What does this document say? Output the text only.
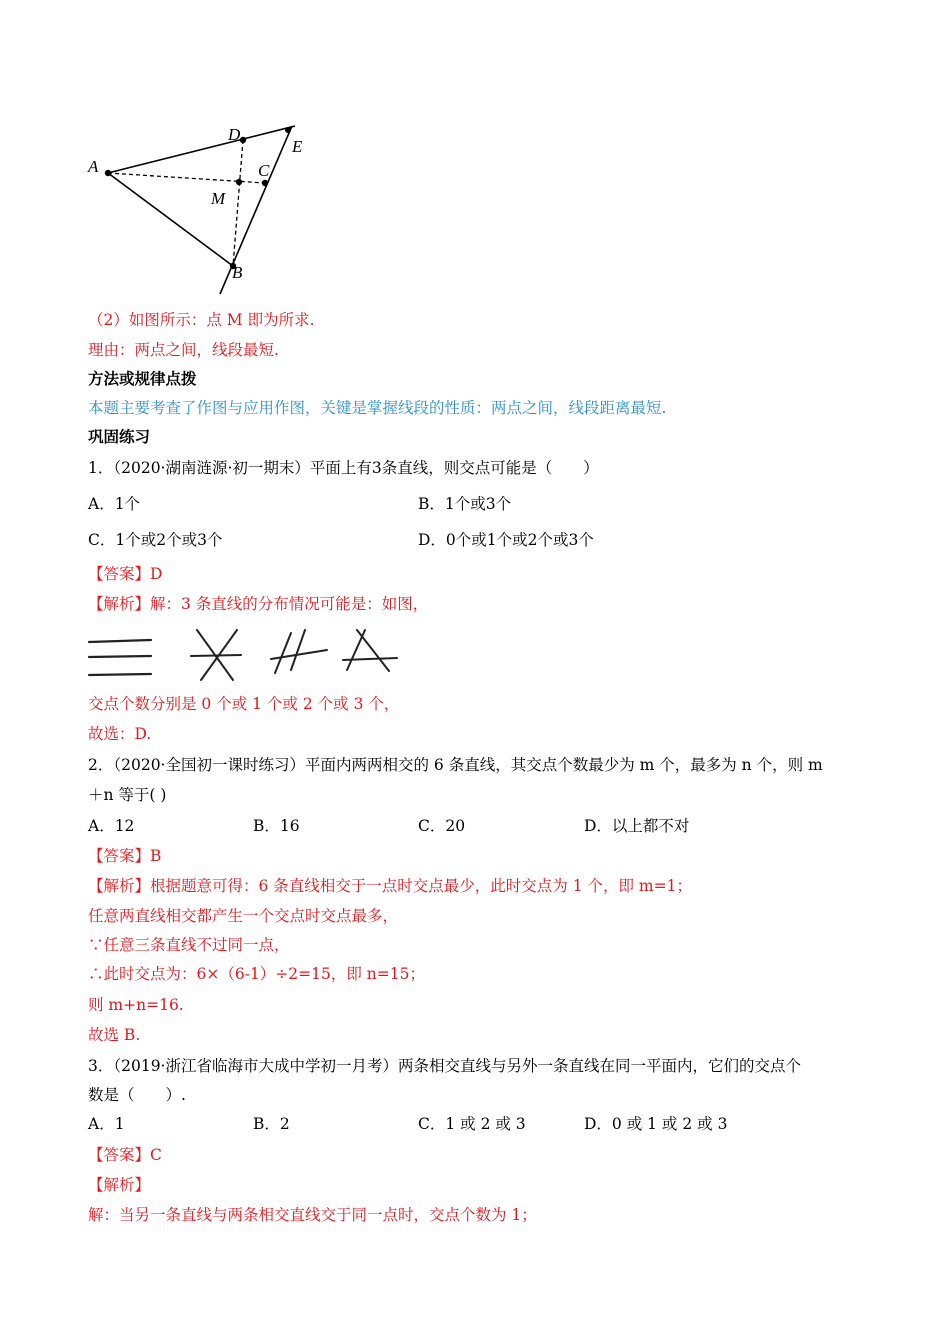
A
D
E
C
M
B
（2）如图所示：点 M 即为所求.
理由：两点之间，线段最短.
方法或规律点拨
本题主要考查了作图与应用作图，关键是掌握线段的性质：两点之间，线段距离最短.
巩固练习
1．（2020·湖南涟源·初一期末）平面上有3条直线，则交点可能是（　　）
A．1个	B．1个或3个
C．1个或2个或3个	D．0个或1个或2个或3个
【答案】D
【解析】解：3 条直线的分布情况可能是：如图，
交点个数分别是 0 个或 1 个或 2 个或 3 个，
故选：D.
2．（2020·全国初一课时练习）平面内两两相交的 6 条直线，其交点个数最少为 m 个，最多为 n 个，则 m
＋n 等于( )
A．12	B．16	C．20	D．以上都不对
【答案】B
【解析】根据题意可得：6 条直线相交于一点时交点最少，此时交点为 1 个，即 m=1；
任意两直线相交都产生一个交点时交点最多，
∵任意三条直线不过同一点，
∴此时交点为：6×（6-1）÷2=15，即 n=15；
则 m+n=16.
故选 B.
3．（2019·浙江省临海市大成中学初一月考）两条相交直线与另外一条直线在同一平面内，它们的交点个
数是（　　）.
A．1	B．2	C．1 或 2 或 3	D．0 或 1 或 2 或 3
【答案】C
【解析】
解：当另一条直线与两条相交直线交于同一点时，交点个数为 1；
